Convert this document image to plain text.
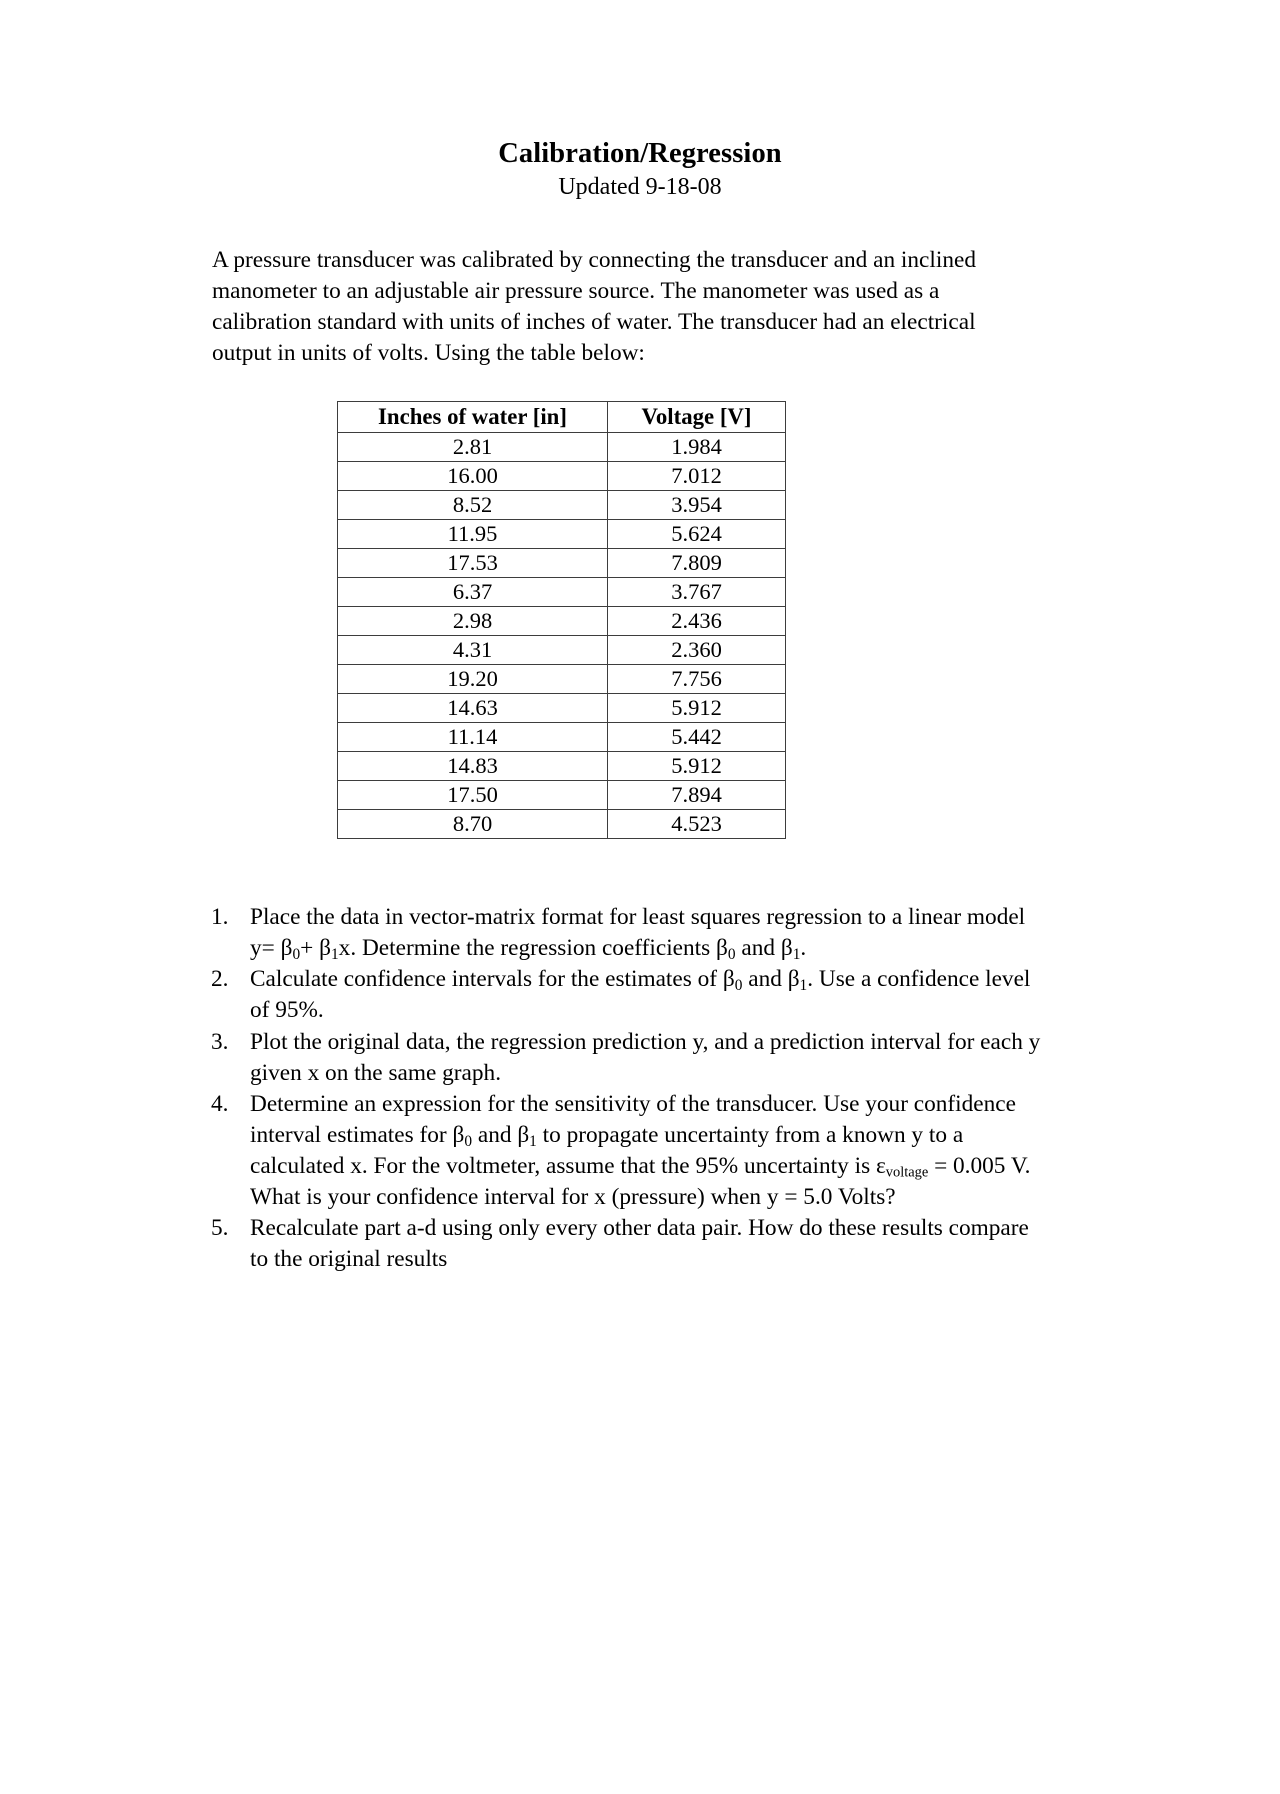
Calibration/Regression
Updated 9-18-08

A pressure transducer was calibrated by connecting the transducer and an inclined manometer to an adjustable air pressure source. The manometer was used as a calibration standard with units of inches of water. The transducer had an electrical output in units of volts. Using the table below:

Inches of water [in]	Voltage [V]
2.81	1.984
16.00	7.012
8.52	3.954
11.95	5.624
17.53	7.809
6.37	3.767
2.98	2.436
4.31	2.360
19.20	7.756
14.63	5.912
11.14	5.442
14.83	5.912
17.50	7.894
8.70	4.523
Place the data in vector-matrix format for least squares regression to a linear model $y= \beta_0+ \beta_1x$. Determine the regression coefficients $\beta_0$ and $\beta_1$.
Calculate confidence intervals for the estimates of $\beta_0$ and $\beta_1$. Use a confidence level of 95%.
Plot the original data, the regression prediction y, and a prediction interval for each y given x on the same graph.
Determine an expression for the sensitivity of the transducer. Use your confidence interval estimates for $\beta_0$ and $\beta_1$ to propagate uncertainty from a known y to a calculated x. For the voltmeter, assume that the 95% uncertainty is εvoltage = 0.005 V. What is your confidence interval for x (pressure) when y = 5.0 Volts?
Recalculate part a-d using only every other data pair. How do these results compare to the original results
